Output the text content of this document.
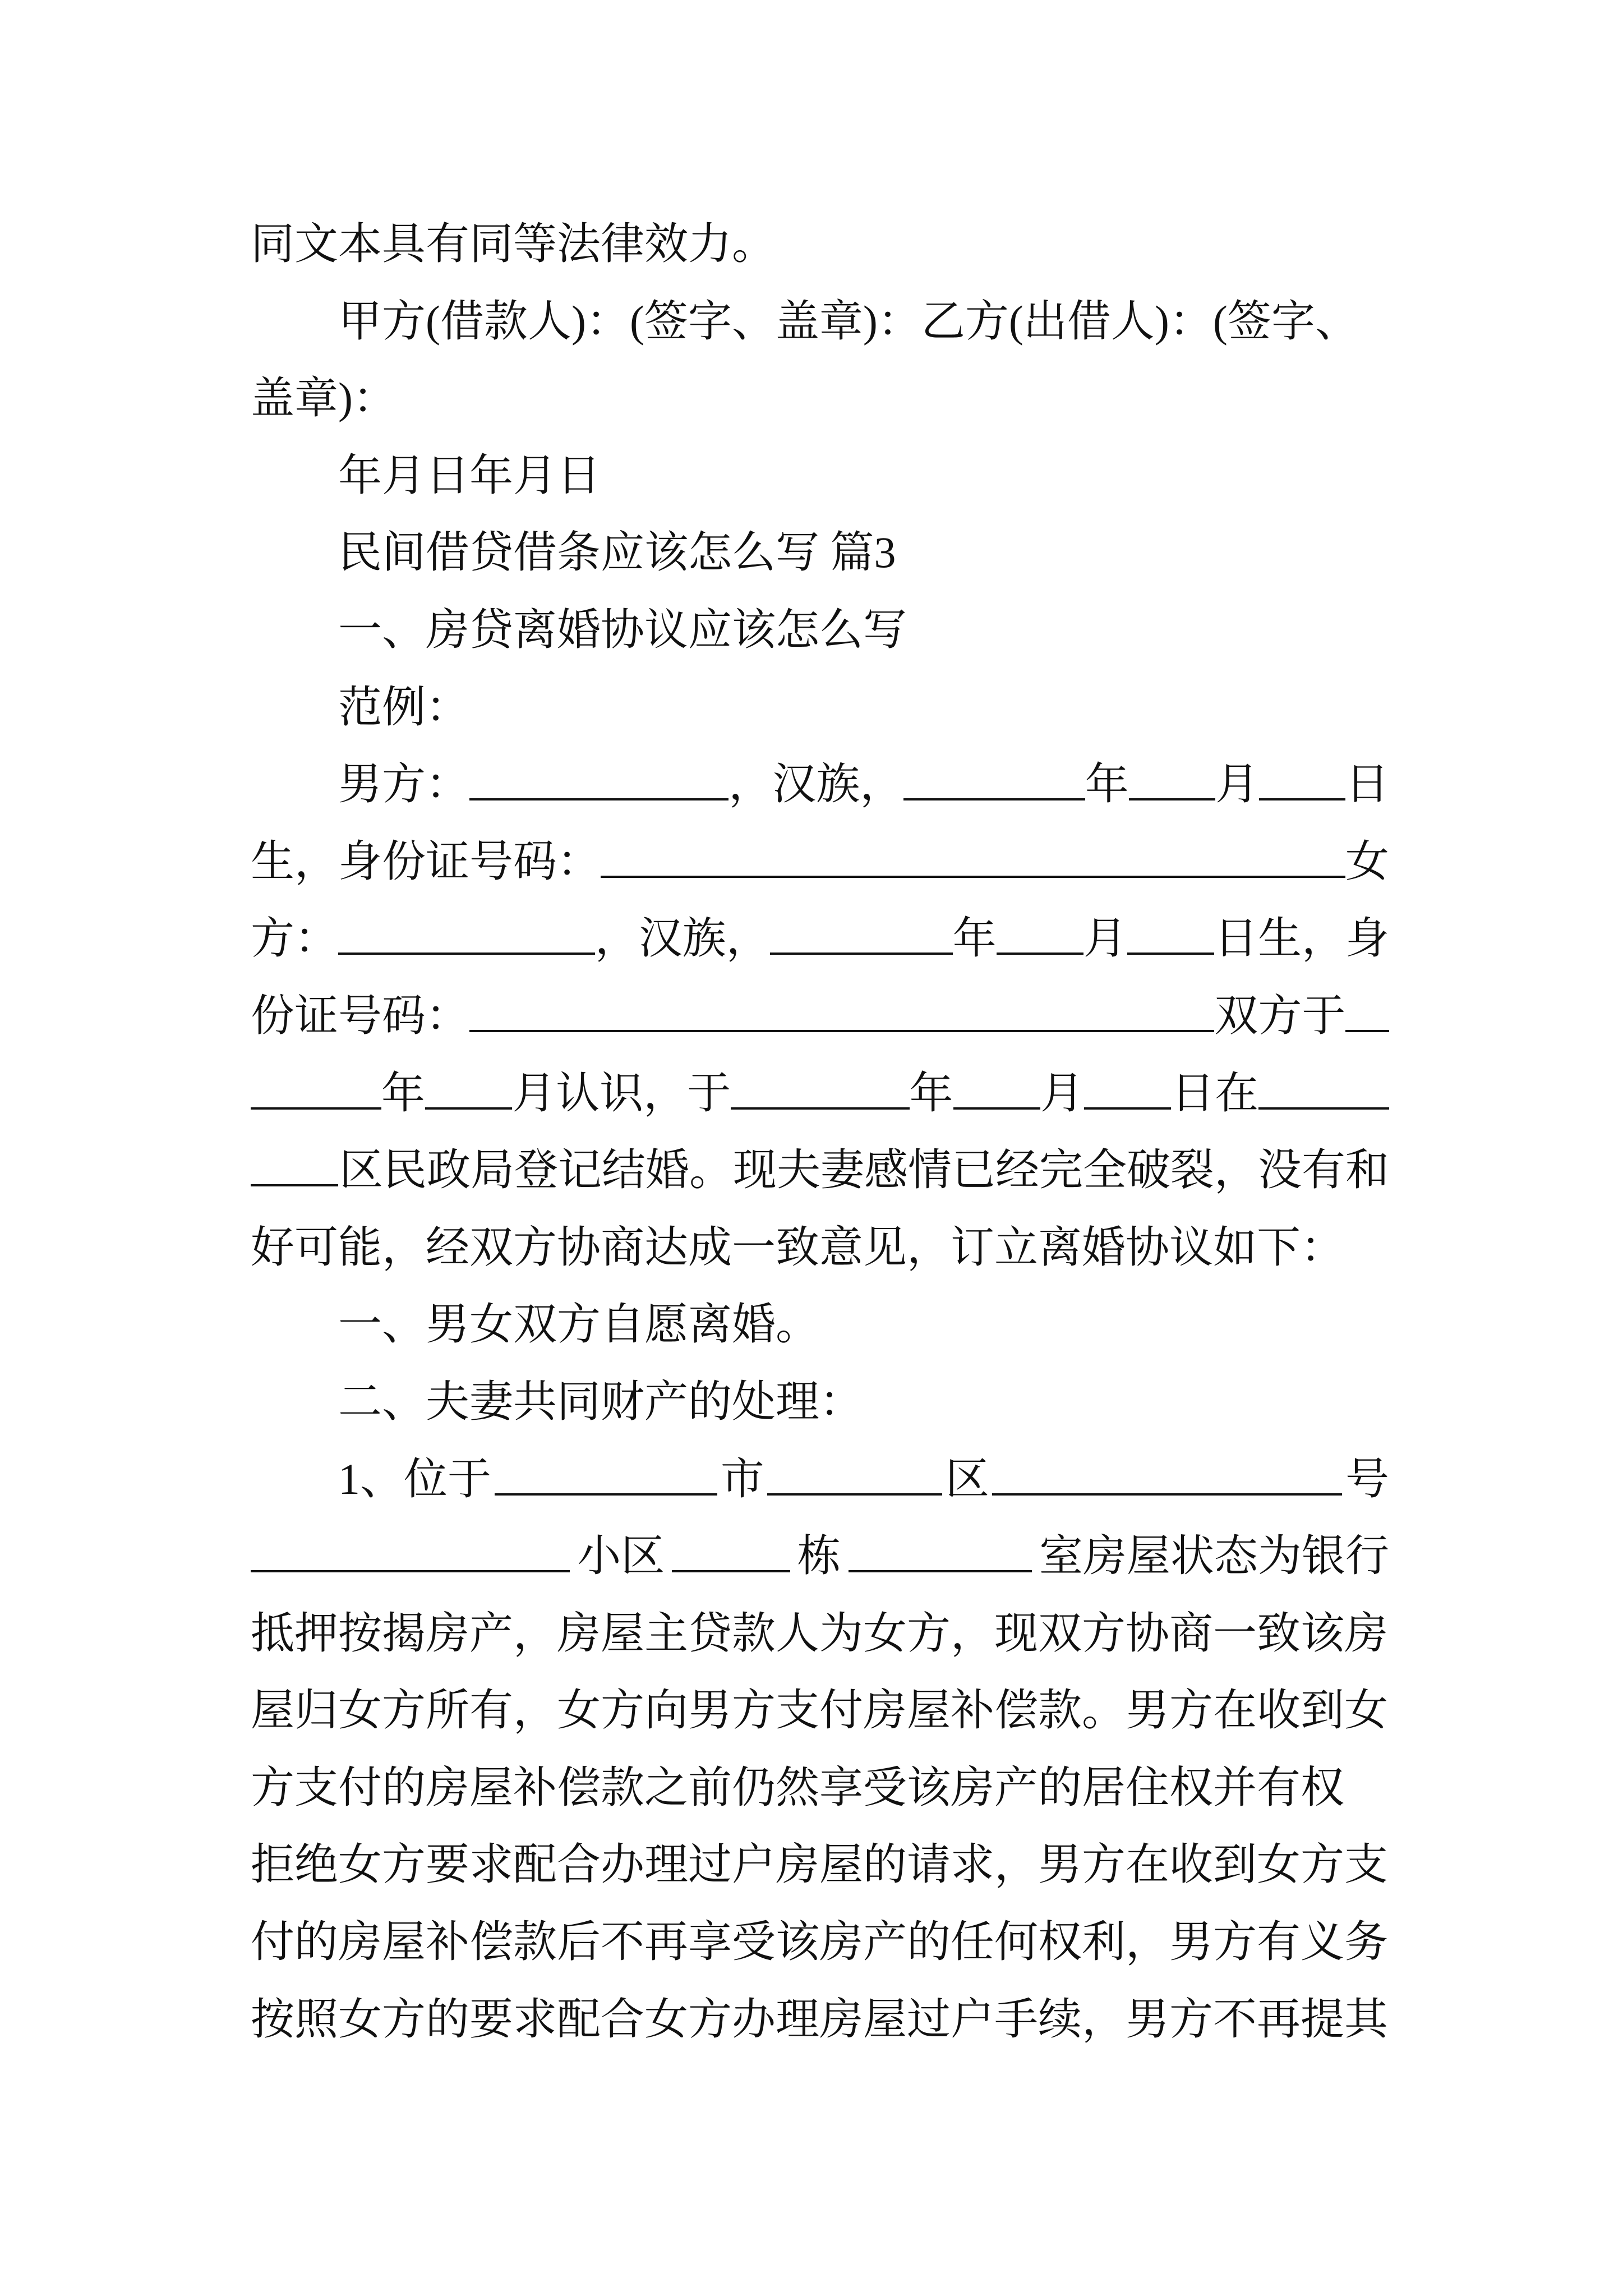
同文本具有同等法律效力。
甲方(借款人)：(签字、盖章)：乙方(出借人)：(签字、
盖章)：
年月日年月日
民间借贷借条应该怎么写 篇3
一、房贷离婚协议应该怎么写
范例：
男方：	，汉族，	年 月 日
生，身份证号码：	女
方：	，汉族，	年 月 日生，身
份证号码：	双方于
年 月认识，于	年 月 日在
区民政局登记结婚。现夫妻感情已经完全破裂，没有和
好可能，经双方协商达成一致意见，订立离婚协议如下：
一、男女双方自愿离婚。
二、夫妻共同财产的处理：
1、位于	市	区	号
小区	栋	室房屋状态为银行
抵押按揭房产，房屋主贷款人为女方，现双方协商一致该房
屋归女方所有，女方向男方支付房屋补偿款。男方在收到女
方支付的房屋补偿款之前仍然享受该房产的居住权并有权
拒绝女方要求配合办理过户房屋的请求，男方在收到女方支
付的房屋补偿款后不再享受该房产的任何权利，男方有义务
按照女方的要求配合女方办理房屋过户手续，男方不再提其
